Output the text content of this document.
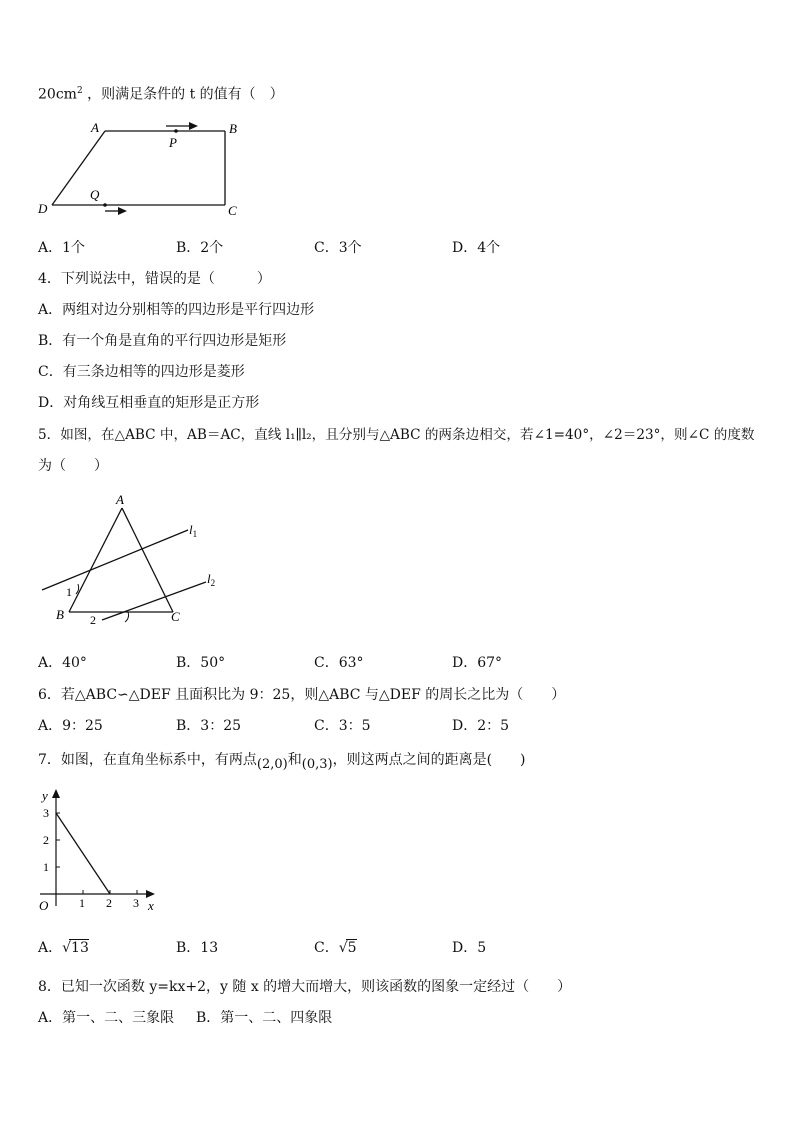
$20cm^2$ ，则满足条件的 t 的值有（　）
A	B
C
D
P
Q
A．1个	B．2个	C．3个	D．4个
4．下列说法中，错误的是（　　　）
A．两组对边分别相等的四边形是平行四边形
B．有一个角是直角的平行四边形是矩形
C．有三条边相等的四边形是菱形
D．对角线互相垂直的矩形是正方形
5．如图，在△ABC 中，AB＝AC，直线 l₁∥l₂，且分别与△ABC 的两条边相交，若∠1=40°，∠2＝23°，则∠C 的度数
为（　　）
A
B	C
$l_1$
$l_2$
1
2
A．40°	B．50°	C．63°	D．67°
6．若△ABC∽△DEF 且面积比为 9：25，则△ABC 与△DEF 的周长之比为（　　）
A．9：25	B．3：25	C．3：5	D．2：5
7．如图，在直角坐标系中，有两点(2,0)和(0,3)，则这两点之间的距离是(　　)
y
x
O	1 2 3
1
2
3
A．√
13	B．13	C．√
5	D．5
8．已知一次函数 y=kx+2，y 随 x 的增大而增大，则该函数的图象一定经过（　　）
A．第一、二、三象限 B．第一、二、四象限
